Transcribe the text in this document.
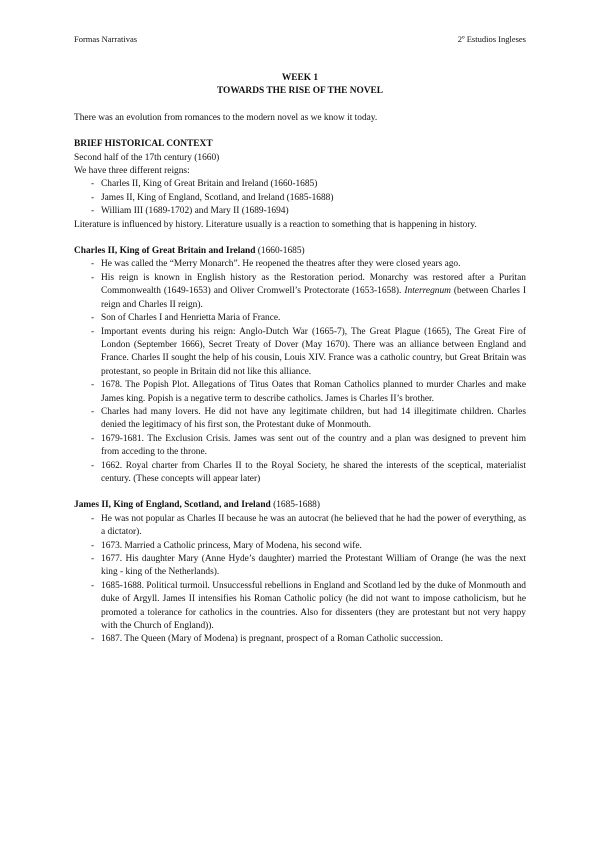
Formas Narrativas	2º Estudios Ingleses

WEEK 1

TOWARDS THE RISE OF THE NOVEL

There was an evolution from romances to the modern novel as we know it today.

BRIEF HISTORICAL CONTEXT

Second half of the 17th century (1660)

We have three different reigns:

- Charles II, King of Great Britain and Ireland (1660-1685)
- James II, King of England, Scotland, and Ireland (1685-1688)
- William III (1689-1702) and Mary II (1689-1694)

Literature is influenced by history. Literature usually is a reaction to something that is happening in history.

Charles II, King of Great Britain and Ireland (1660-1685)

- He was called the “Merry Monarch”. He reopened the theatres after they were closed years ago.
- His reign is known in English history as the Restoration period. Monarchy was restored after a Puritan Commonwealth (1649-1653) and Oliver Cromwell’s Protectorate (1653-1658). Interregnum (between Charles I reign and Charles II reign).
- Son of Charles I and Henrietta Maria of France.
- Important events during his reign: Anglo-Dutch War (1665-7), The Great Plague (1665), The Great Fire of London (September 1666), Secret Treaty of Dover (May 1670). There was an alliance between England and France. Charles II sought the help of his cousin, Louis XIV. France was a catholic country, but Great Britain was protestant, so people in Britain did not like this alliance.
- 1678. The Popish Plot. Allegations of Titus Oates that Roman Catholics planned to murder Charles and make James king. Popish is a negative term to describe catholics. James is Charles II’s brother.
- Charles had many lovers. He did not have any legitimate children, but had 14 illegitimate children. Charles denied the legitimacy of his first son, the Protestant duke of Monmouth.
- 1679-1681. The Exclusion Crisis. James was sent out of the country and a plan was designed to prevent him from acceding to the throne.
- 1662. Royal charter from Charles II to the Royal Society, he shared the interests of the sceptical, materialist century. (These concepts will appear later)

James II, King of England, Scotland, and Ireland (1685-1688)

- He was not popular as Charles II because he was an autocrat (he believed that he had the power of everything, as a dictator).
- 1673. Married a Catholic princess, Mary of Modena, his second wife.
- 1677. His daughter Mary (Anne Hyde’s daughter) married the Protestant William of Orange (he was the next king - king of the Netherlands).
- 1685-1688. Political turmoil. Unsuccessful rebellions in England and Scotland led by the duke of Monmouth and duke of Argyll. James II intensifies his Roman Catholic policy (he did not want to impose catholicism, but he promoted a tolerance for catholics in the countries. Also for dissenters (they are protestant but not very happy with the Church of England)).
- 1687. The Queen (Mary of Modena) is pregnant, prospect of a Roman Catholic succession.
